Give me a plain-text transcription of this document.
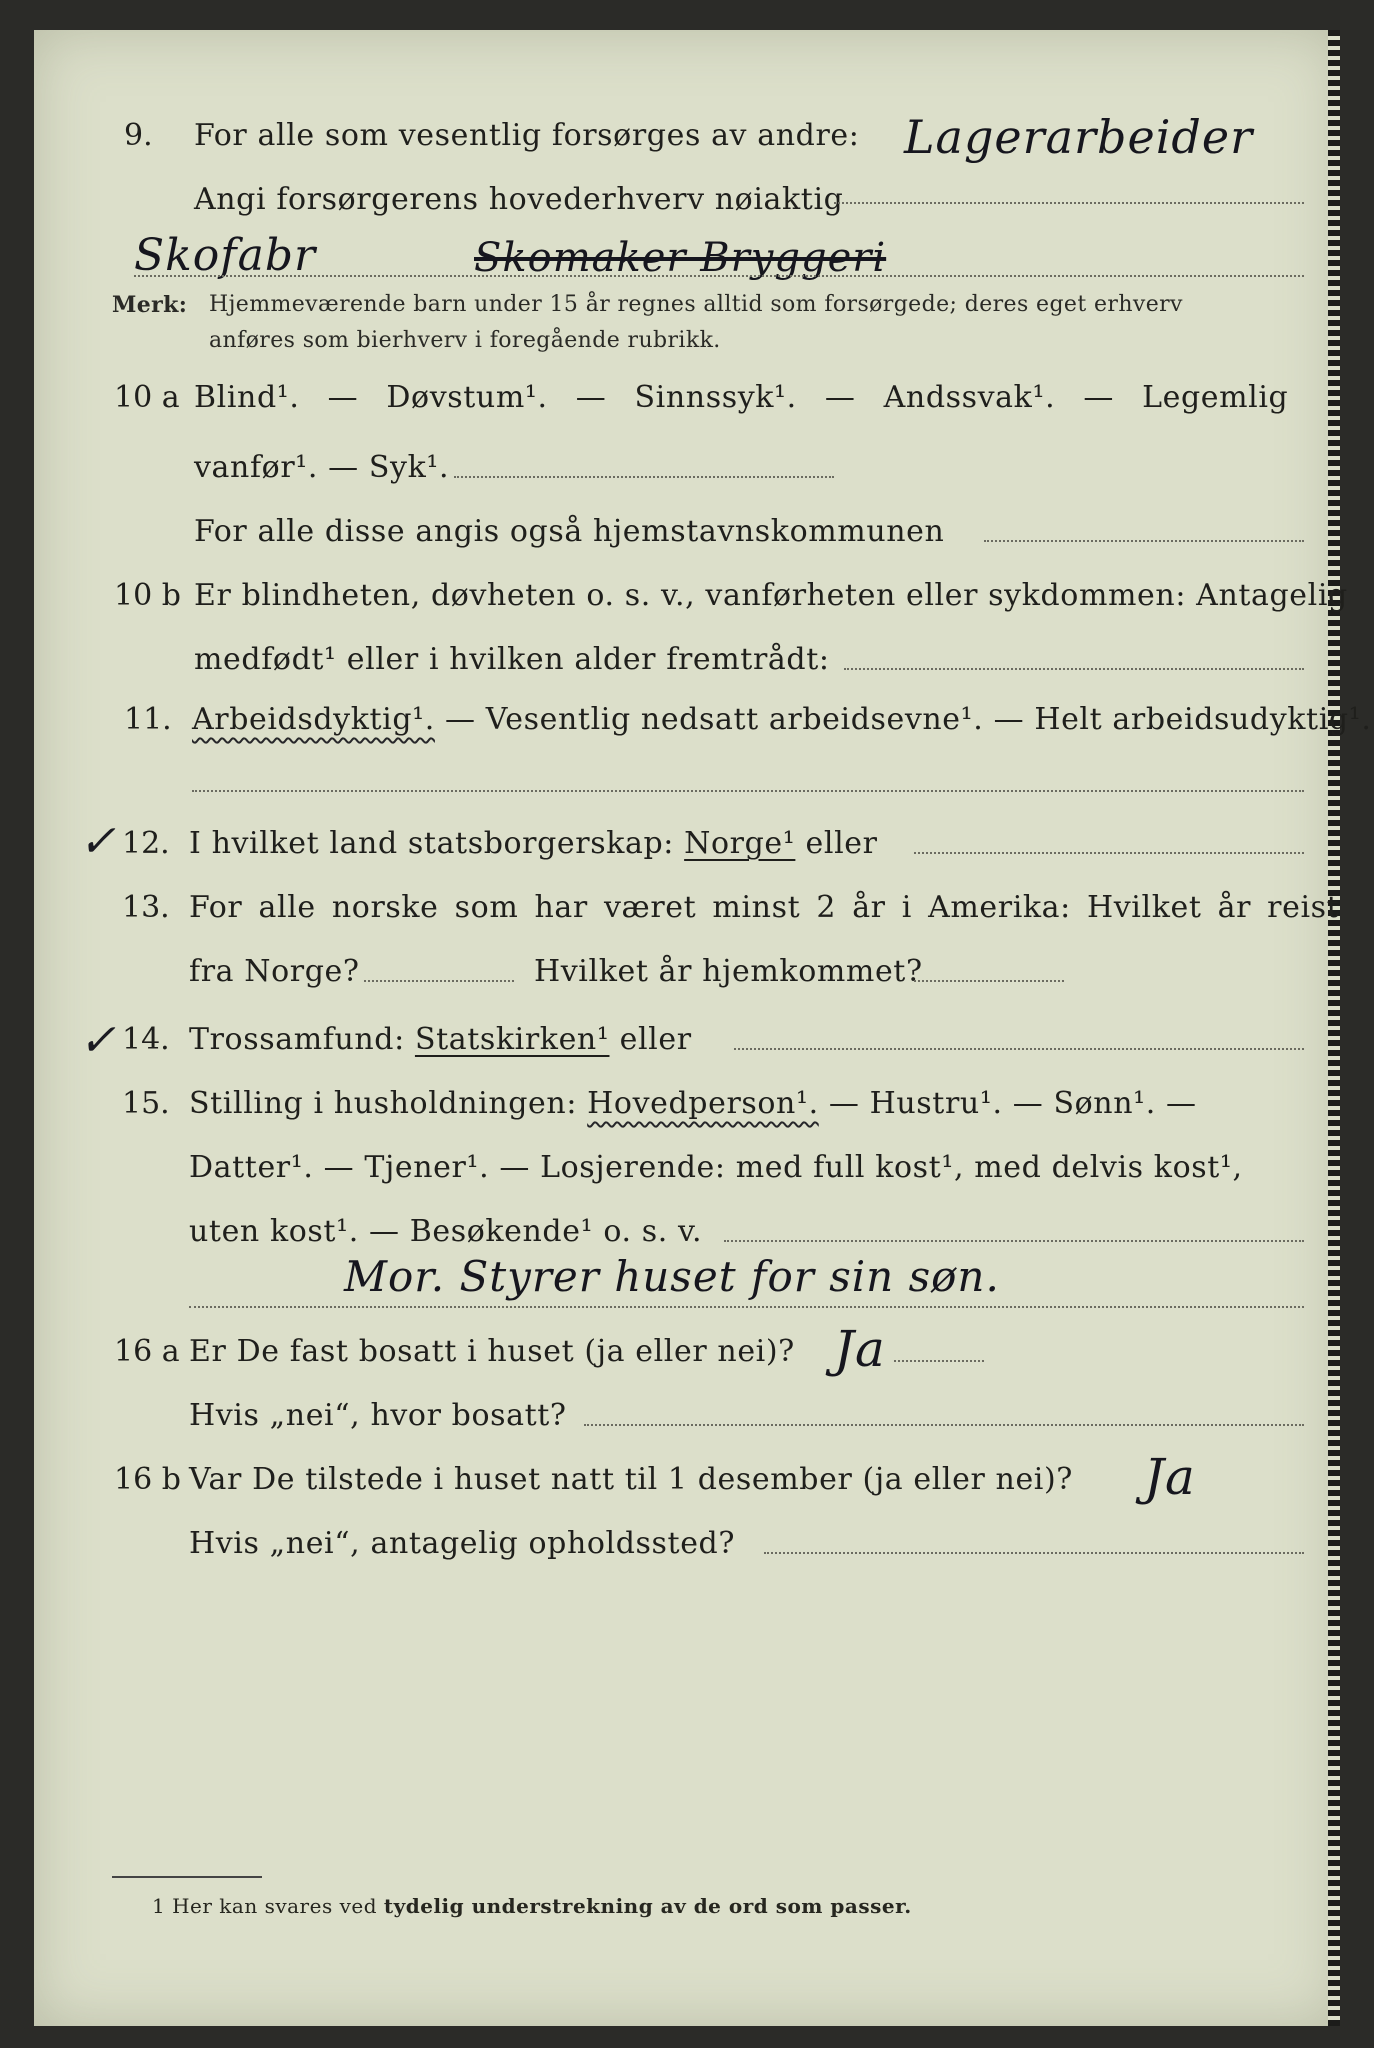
9. For alle som vesentlig forsørges av andre: Lagerarbeider
Angi forsørgerens hovederhverv nøiaktig
Skofabr	Skomaker Bryggeri
Merk: Hjemmeværende barn under 15 år regnes alltid som forsørgede; deres eget erhverv
anføres som bierhverv i foregående rubrikk.
10 a Blind¹. — Døvstum¹. — Sinnssyk¹. — Andssvak¹. — Legemlig
vanfør¹. — Syk¹.
For alle disse angis også hjemstavnskommunen
10 b Er blindheten, døvheten o. s. v., vanførheten eller sykdommen: Antagelig
medfødt¹ eller i hvilken alder fremtrådt:
11. Arbeidsdyktig¹. — Vesentlig nedsatt arbeidsevne¹. — Helt arbeidsudyktig¹.
✓ 12. I hvilket land statsborgerskap: Norge¹ eller
13. For alle norske som har været minst 2 år i Amerika: Hvilket år reist
fra Norge?	Hvilket år hjemkommet?
✓ 14. Trossamfund: Statskirken¹ eller
15. Stilling i husholdningen: Hovedperson¹. — Hustru¹. — Sønn¹. —
Datter¹. — Tjener¹. — Losjerende: med full kost¹, med delvis kost¹,
uten kost¹. — Besøkende¹ o. s. v.
Mor. Styrer huset for sin søn.
16 a Er De fast bosatt i huset (ja eller nei)? Ja
Hvis „nei“, hvor bosatt?
16 b Var De tilstede i huset natt til 1 desember (ja eller nei)? Ja
Hvis „nei“, antagelig opholdssted?
1 Her kan svares ved tydelig understrekning av de ord som passer.
